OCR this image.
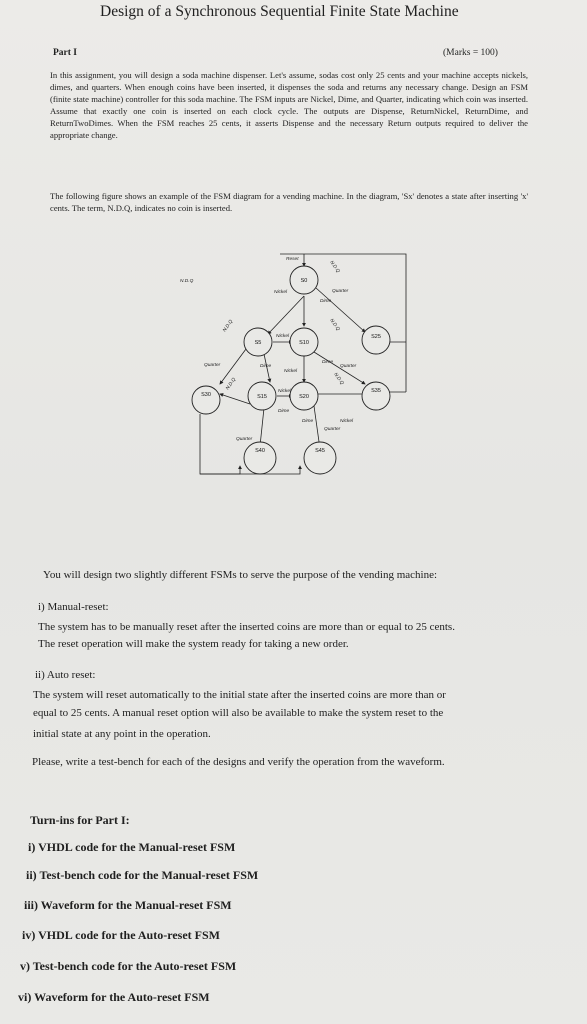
Design of a Synchronous Sequential Finite State Machine
Part I	(Marks = 100)
In this assignment, you will design a soda machine dispenser. Let's assume, sodas cost only 25 cents and your machine accepts nickels, dimes, and quarters. When enough coins have been inserted, it dispenses the soda and returns any necessary change. Design an FSM (finite state machine) controller for this soda machine. The FSM inputs are Nickel, Dime, and Quarter, indicating which coin was inserted. Assume that exactly one coin is inserted on each clock cycle. The outputs are Dispense, ReturnNickel, ReturnDime, and ReturnTwoDimes. When the FSM reaches 25 cents, it asserts Dispense and the necessary Return outputs required to deliver the appropriate change.
The following figure shows an example of the FSM diagram for a vending machine. In the diagram, 'Sx' denotes a state after inserting 'x' cents. The term, N.D.Q, indicates no coin is inserted.
S0
S5	S10
S15	S20
S25
S30
S35
S40	S45
Reset
N.D.Q
N.D.Q
N.D.Q	N.D.Q
N.D.Q	N.D.Q
Nickel	Quarter
Dime
Nickel
Quarter	Dime
Nickel
Dime
Quarter
Nickel
Dime
Dime	Nickel
Quarter
Quarter
You will design two slightly different FSMs to serve the purpose of the vending machine:
i) Manual-reset:
The system has to be manually reset after the inserted coins are more than or equal to 25 cents.
The reset operation will make the system ready for taking a new order.
ii) Auto reset:
The system will reset automatically to the initial state after the inserted coins are more than or
equal to 25 cents. A manual reset option will also be available to make the system reset to the
initial state at any point in the operation.
Please, write a test-bench for each of the designs and verify the operation from the waveform.
Turn-ins for Part I:
i) VHDL code for the Manual-reset FSM
ii) Test-bench code for the Manual-reset FSM
iii) Waveform for the Manual-reset FSM
iv) VHDL code for the Auto-reset FSM
v) Test-bench code for the Auto-reset FSM
vi) Waveform for the Auto-reset FSM
